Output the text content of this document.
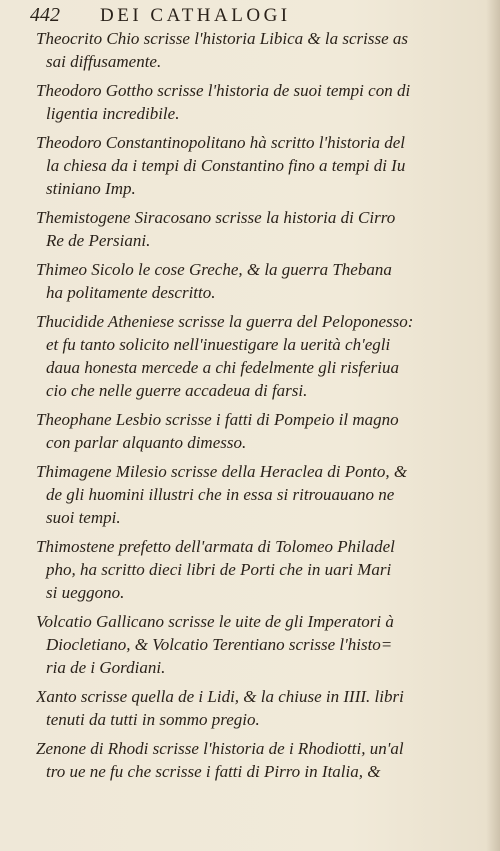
442 DEI CATHALOGI
Theocrito Chio scrisse l'historia Libica & la scrisse as
sai diffusamente.
Theodoro Gottho scrisse l'historia de suoi tempi con di
ligentia incredibile.
Theodoro Constantinopolitano hà scritto l'historia del
la chiesa da i tempi di Constantino fino a tempi di Iu
stiniano Imp.
Themistogene Siracosano scrisse la historia di Cirro
Re de Persiani.
Thimeo Sicolo le cose Greche, & la guerra Thebana
ha politamente descritto.
Thucidide Atheniese scrisse la guerra del Peloponesso:
et fu tanto solicito nell'inuestigare la uerità ch'egli
daua honesta mercede a chi fedelmente gli risferiua
cio che nelle guerre accadeua di farsi.
Theophane Lesbio scrisse i fatti di Pompeio il magno
con parlar alquanto dimesso.
Thimagene Milesio scrisse della Heraclea di Ponto, &
de gli huomini illustri che in essa si ritrouauano ne
suoi tempi.
Thimostene prefetto dell'armata di Tolomeo Philadel
pho, ha scritto dieci libri de Porti che in uari Mari
si ueggono.
Volcatio Gallicano scrisse le uite de gli Imperatori à
Diocletiano, & Volcatio Terentiano scrisse l'histo=
ria de i Gordiani.
Xanto scrisse quella de i Lidi, & la chiuse in IIII. libri
tenuti da tutti in sommo pregio.
Zenone di Rhodi scrisse l'historia de i Rhodiotti, un'al
tro ue ne fu che scrisse i fatti di Pirro in Italia, &
